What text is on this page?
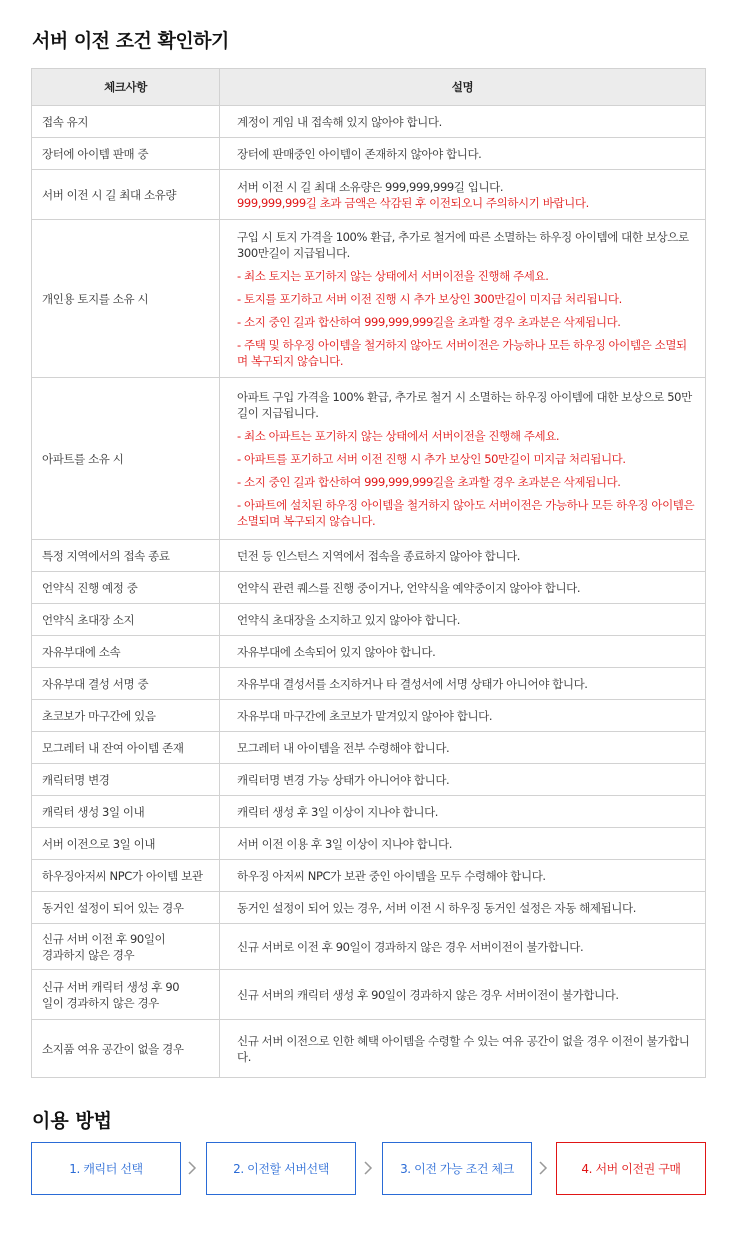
서버 이전 조건 확인하기
체크사항	설명
접속 유지	계정이 게임 내 접속해 있지 않아야 합니다.

장터에 아이템 판매 중	장터에 판매중인 아이템이 존재하지 않아야 합니다.

서버 이전 시 길 최대 소유량	서버 이전 시 길 최대 소유량은 999,999,999길 입니다.
999,999,999길 초과 금액은 삭감된 후 이전되오니 주의하시기 바랍니다.

개인용 토지를 소유 시	구입 시 토지 가격을 100% 환급, 추가로 철거에 따른 소멸하는 하우징 아이템에 대한 보상으로 300만길이 지급됩니다.
- 최소 토지는 포기하지 않는 상태에서 서버이전을 진행해 주세요.
- 토지를 포기하고 서버 이전 진행 시 추가 보상인 300만길이 미지급 처리됩니다.
- 소지 중인 길과 합산하여 999,999,999길을 초과할 경우 초과분은 삭제됩니다.
- 주택 및 하우징 아이템을 철거하지 않아도 서버이전은 가능하나 모든 하우징 아이템은 소멸되며 복구되지 않습니다.

아파트를 소유 시	아파트 구입 가격을 100% 환급, 추가로 철거 시 소멸하는 하우징 아이템에 대한 보상으로 50만길이 지급됩니다.
- 최소 아파트는 포기하지 않는 상태에서 서버이전을 진행해 주세요.
- 아파트를 포기하고 서버 이전 진행 시 추가 보상인 50만길이 미지급 처리됩니다.
- 소지 중인 길과 합산하여 999,999,999길을 초과할 경우 초과분은 삭제됩니다.
- 아파트에 설치된 하우징 아이템을 철거하지 않아도 서버이전은 가능하나 모든 하우징 아이템은 소멸되며 복구되지 않습니다.

특정 지역에서의 접속 종료	던전 등 인스턴스 지역에서 접속을 종료하지 않아야 합니다.

언약식 진행 예정 중	언약식 관련 퀘스를 진행 중이거나, 언약식을 예약중이지 않아야 합니다.

언약식 초대장 소지	언약식 초대장을 소지하고 있지 않아야 합니다.

자유부대에 소속	자유부대에 소속되어 있지 않아야 합니다.

자유부대 결성 서명 중	자유부대 결성서를 소지하거나 타 결성서에 서명 상태가 아니어야 합니다.

초코보가 마구간에 있음	자유부대 마구간에 초코보가 맡겨있지 않아야 합니다.

모그레터 내 잔여 아이템 존재	모그레터 내 아이템을 전부 수령해야 합니다.

캐릭터명 변경	캐릭터명 변경 가능 상태가 아니어야 합니다.

캐릭터 생성 3일 이내	캐릭터 생성 후 3일 이상이 지나야 합니다.

서버 이전으로 3일 이내	서버 이전 이용 후 3일 이상이 지나야 합니다.

하우징아저씨 NPC가 아이템 보관	하우징 아저씨 NPC가 보관 중인 아이템을 모두 수령해야 합니다.

동거인 설정이 되어 있는 경우	동거인 설정이 되어 있는 경우, 서버 이전 시 하우징 동거인 설정은 자동 해제됩니다.

신규 서버 이전 후 90일이 경과하지 않은 경우	신규 서버로 이전 후 90일이 경과하지 않은 경우 서버이전이 불가합니다.

신규 서버 캐릭터 생성 후 90일이 경과하지 않은 경우	신규 서버의 캐릭터 생성 후 90일이 경과하지 않은 경우 서버이전이 불가합니다.

소지품 여유 공간이 없을 경우	신규 서버 이전으로 인한 혜택 아이템을 수령할 수 있는 여유 공간이 없을 경우 이전이 불가합니다.
이용 방법
1. 캐릭터 선택	2. 이전할 서버선택	3. 이전 가능 조건 체크	4. 서버 이전권 구매
